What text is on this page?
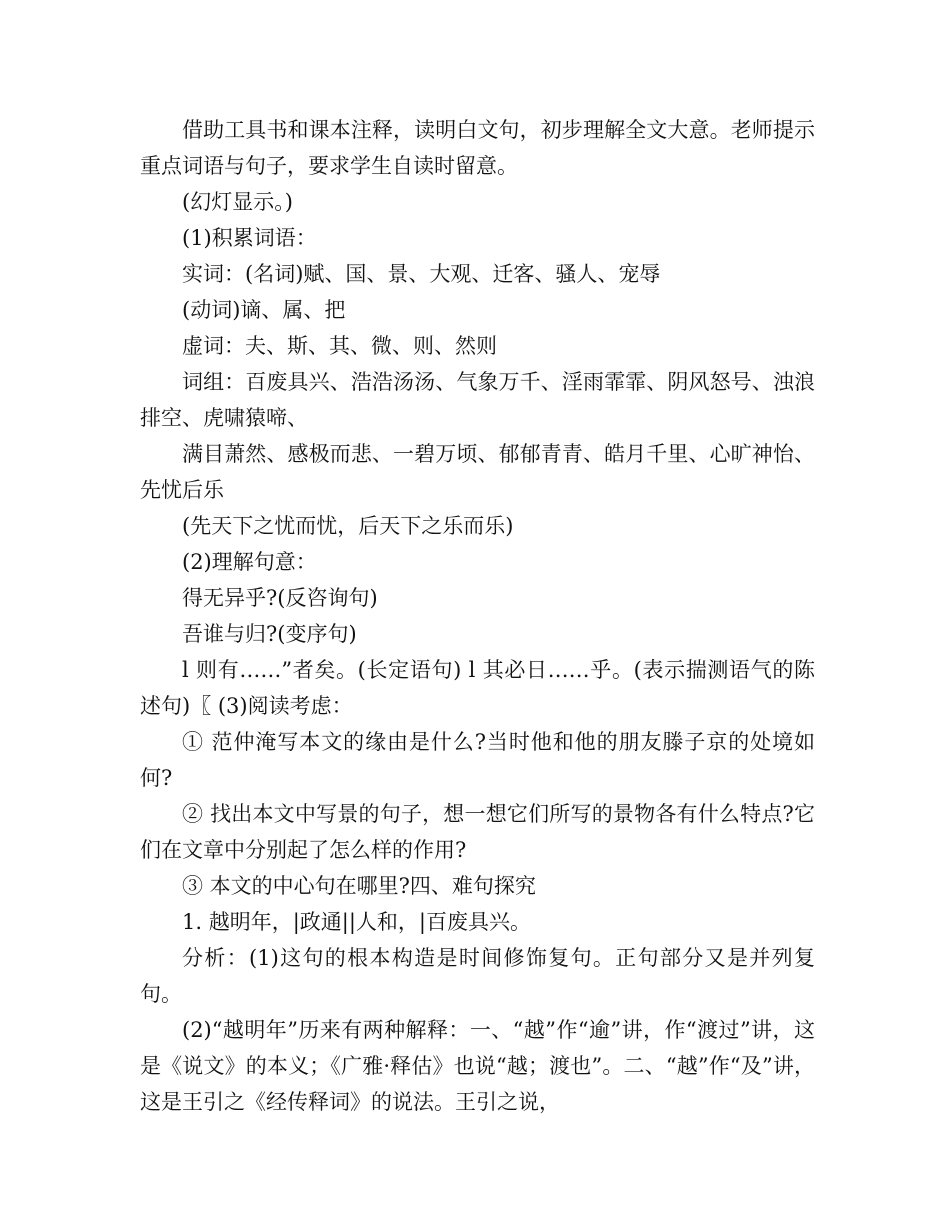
借助工具书和课本注释，读明白文句，初步理解全文大意。老师提示重点词语与句子，要求学生自读时留意。

(幻灯显示。)

(1)积累词语：

实词：(名词)赋、国、景、大观、迁客、骚人、宠辱

(动词)谪、属、把

虚词：夫、斯、其、微、则、然则

词组：百废具兴、浩浩汤汤、气象万千、淫雨霏霏、阴风怒号、浊浪排空、虎啸猿啼、

满目萧然、感极而悲、一碧万顷、郁郁青青、皓月千里、心旷神怡、先忧后乐

(先天下之忧而忧，后天下之乐而乐)

(2)理解句意：

得无异乎?(反咨询句)

吾谁与归?(变序句)

l 则有……”者矣。(长定语句) l 其必日……乎。(表示揣测语气的陈述句)〖 (3)阅读考虑：

① 范仲淹写本文的缘由是什么?当时他和他的朋友滕子京的处境如何?

② 找出本文中写景的句子，想一想它们所写的景物各有什么特点?它们在文章中分别起了怎么样的作用?

③ 本文的中心句在哪里?四、难句探究

1. 越明年，|政通||人和，|百废具兴。

分析：(1)这句的根本构造是时间修饰复句。正句部分又是并列复句。

(2)“越明年”历来有两种解释：一、“越”作“逾”讲，作“渡过”讲，这是《说文》的本义；《广雅·释估》也说“越；渡也”。二、“越”作“及”讲，这是王引之《经传释词》的说法。王引之说，
